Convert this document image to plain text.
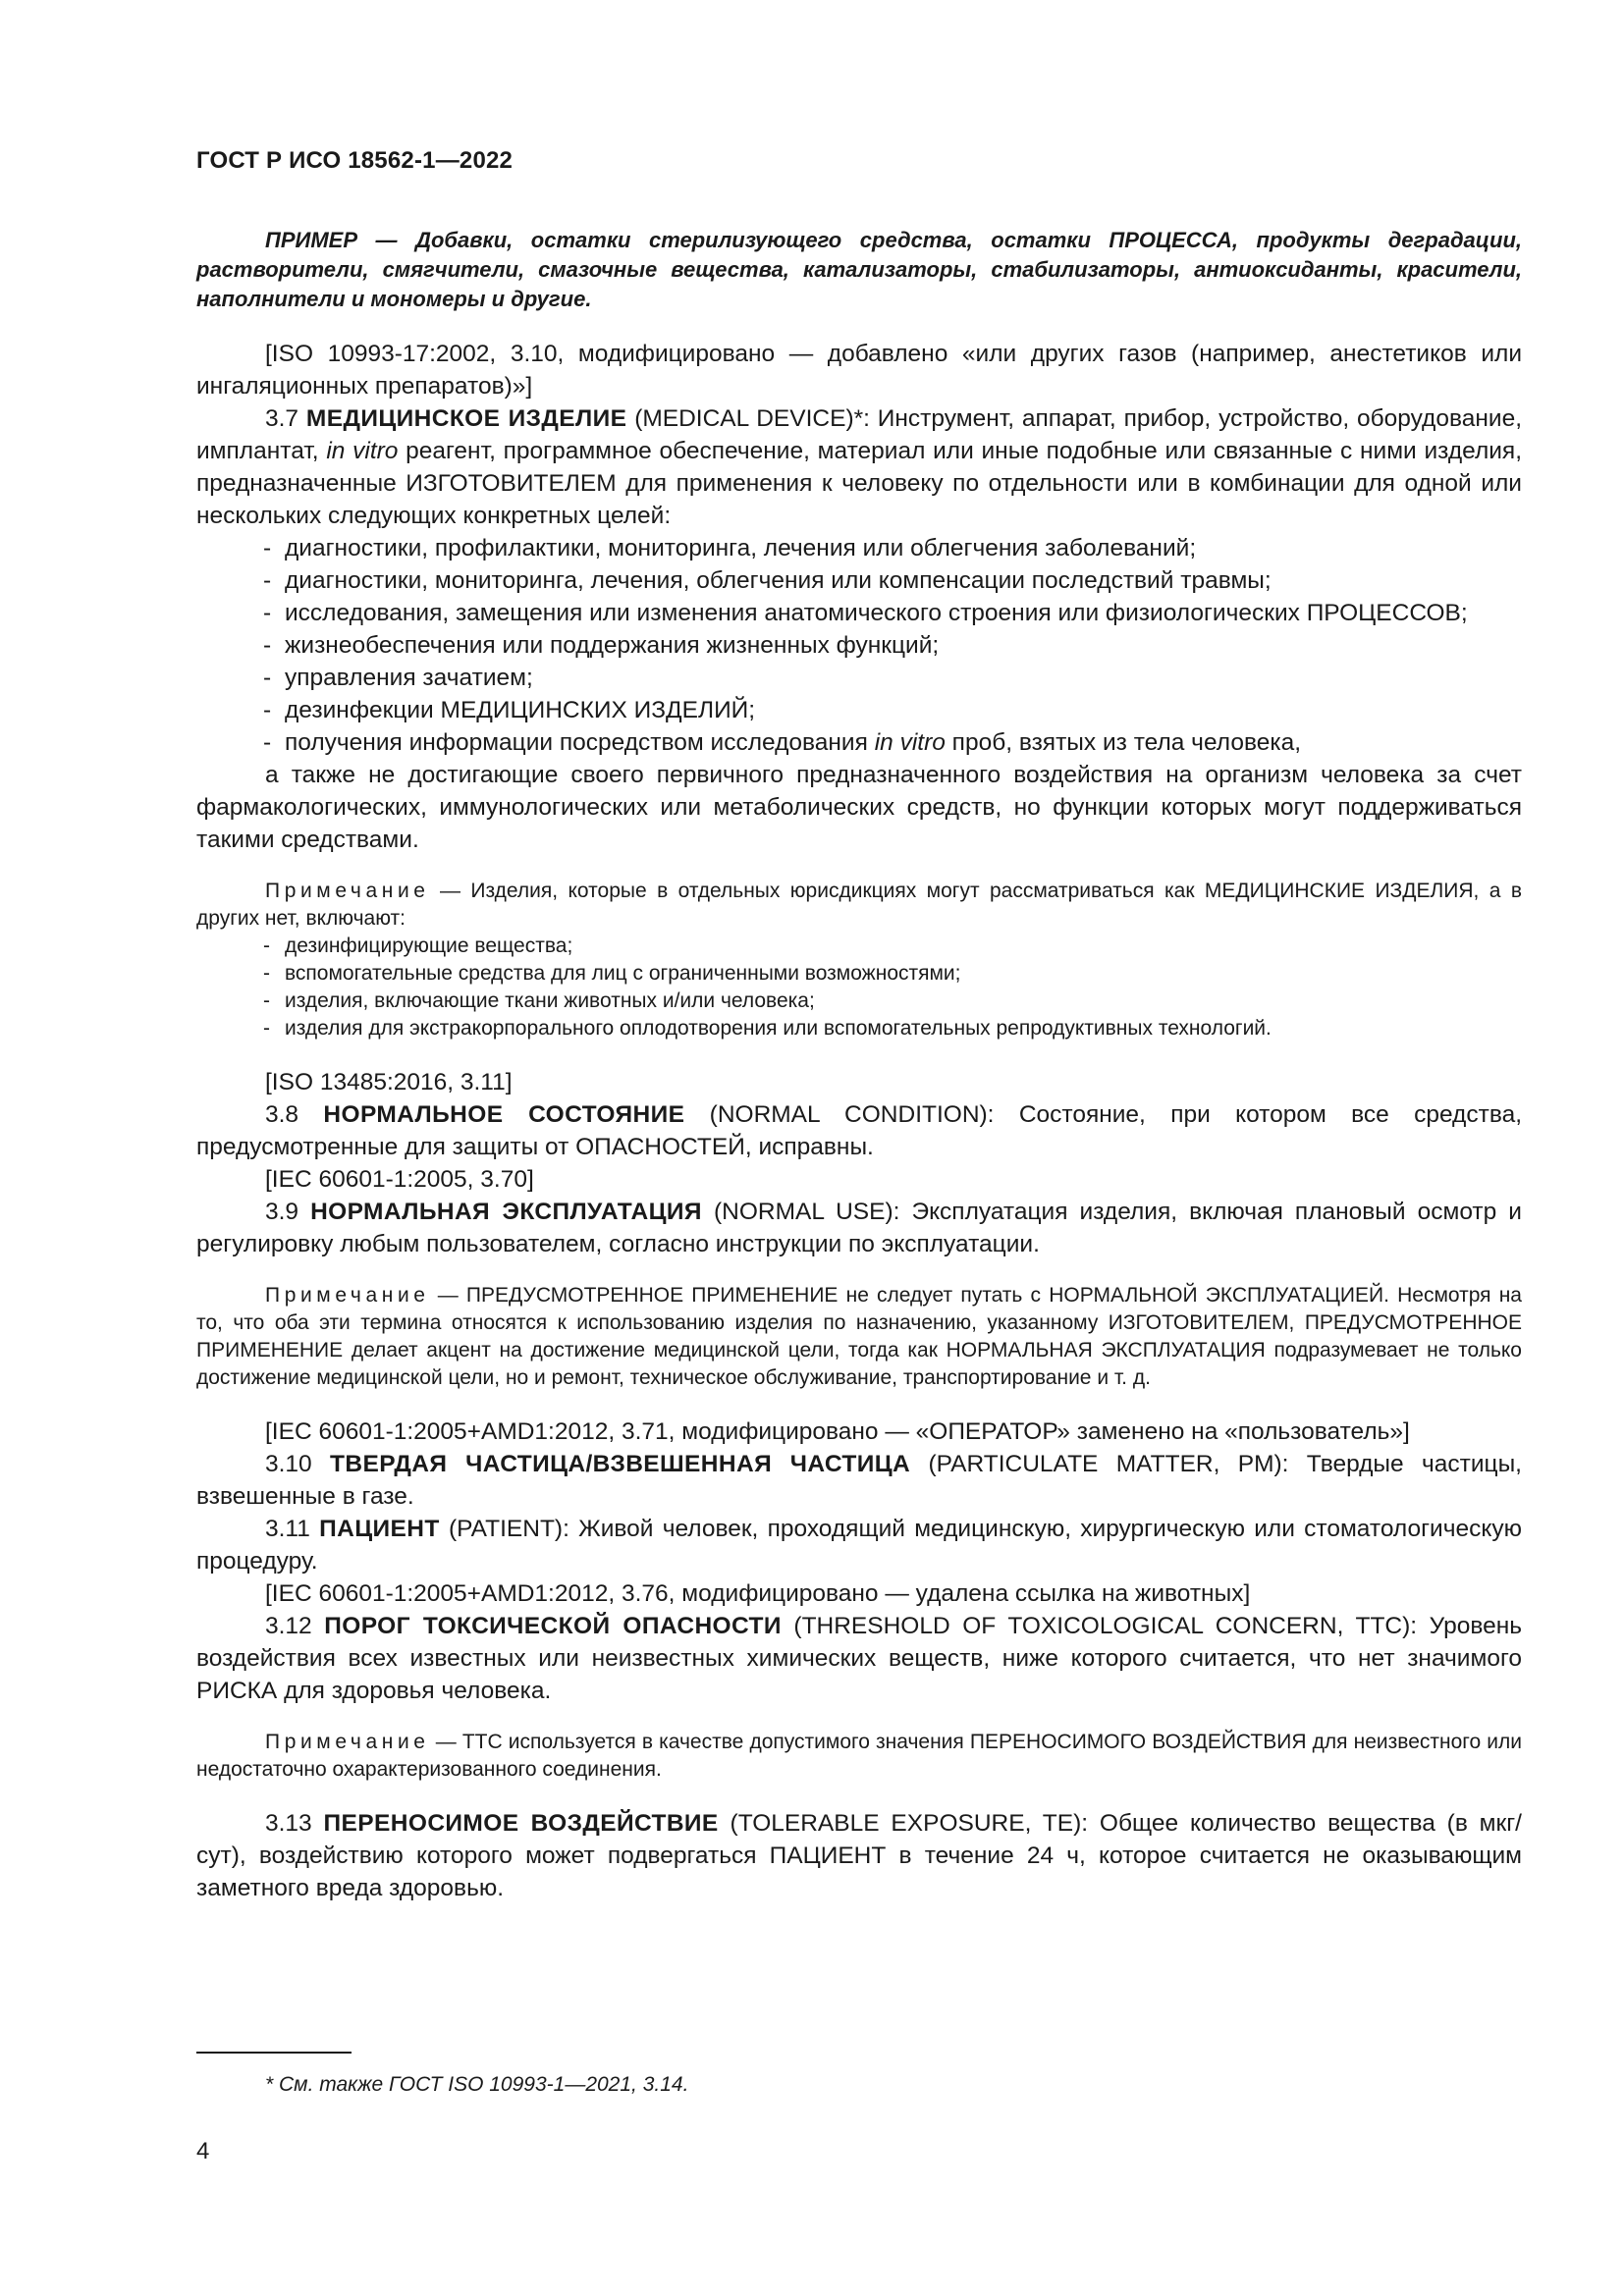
ГОСТ Р ИСО 18562-1—2022

ПРИМЕР — Добавки, остатки стерилизующего средства, остатки ПРОЦЕССА, продукты деградации, растворители, смягчители, смазочные вещества, катализаторы, стабилизаторы, антиоксиданты, красители, наполнители и мономеры и другие.

[ISO 10993-17:2002, 3.10, модифицировано — добавлено «или других газов (например, анестетиков или ингаляционных препаратов)»]

3.7 МЕДИЦИНСКОЕ ИЗДЕЛИЕ (MEDICAL DEVICE)*: Инструмент, аппарат, прибор, устройство, оборудование, имплантат, in vitro реагент, программное обеспечение, материал или иные подобные или связанные с ними изделия, предназначенные ИЗГОТОВИТЕЛЕМ для применения к человеку по отдельности или в комбинации для одной или нескольких следующих конкретных целей:

- диагностики, профилактики, мониторинга, лечения или облегчения заболеваний;
- диагностики, мониторинга, лечения, облегчения или компенсации последствий травмы;
- исследования, замещения или изменения анатомического строения или физиологических ПРОЦЕССОВ;
- жизнеобеспечения или поддержания жизненных функций;
- управления зачатием;
- дезинфекции МЕДИЦИНСКИХ ИЗДЕЛИЙ;
- получения информации посредством исследования in vitro проб, взятых из тела человека,

а также не достигающие своего первичного предназначенного воздействия на организм человека за счет фармакологических, иммунологических или метаболических средств, но функции которых могут поддерживаться такими средствами.

Примечание — Изделия, которые в отдельных юрисдикциях могут рассматриваться как МЕДИЦИНСКИЕ ИЗДЕЛИЯ, а в других нет, включают:
- дезинфицирующие вещества;
- вспомогательные средства для лиц с ограниченными возможностями;
- изделия, включающие ткани животных и/или человека;
- изделия для экстракорпорального оплодотворения или вспомогательных репродуктивных технологий.

[ISO 13485:2016, 3.11]

3.8 НОРМАЛЬНОЕ СОСТОЯНИЕ (NORMAL CONDITION): Состояние, при котором все средства, предусмотренные для защиты от ОПАСНОСТЕЙ, исправны.

[IEC 60601-1:2005, 3.70]

3.9 НОРМАЛЬНАЯ ЭКСПЛУАТАЦИЯ (NORMAL USE): Эксплуатация изделия, включая плановый осмотр и регулировку любым пользователем, согласно инструкции по эксплуатации.

Примечание — ПРЕДУСМОТРЕННОЕ ПРИМЕНЕНИЕ не следует путать с НОРМАЛЬНОЙ ЭКСПЛУАТАЦИЕЙ. Несмотря на то, что оба эти термина относятся к использованию изделия по назначению, указанному ИЗГОТОВИТЕЛЕМ, ПРЕДУСМОТРЕННОЕ ПРИМЕНЕНИЕ делает акцент на достижение медицинской цели, тогда как НОРМАЛЬНАЯ ЭКСПЛУАТАЦИЯ подразумевает не только достижение медицинской цели, но и ремонт, техническое обслуживание, транспортирование и т. д.

[IEC 60601-1:2005+AMD1:2012, 3.71, модифицировано — «ОПЕРАТОР» заменено на «пользователь»]

3.10 ТВЕРДАЯ ЧАСТИЦА/ВЗВЕШЕННАЯ ЧАСТИЦА (PARTICULATE MATTER, PM): Твердые частицы, взвешенные в газе.

3.11 ПАЦИЕНТ (PATIENT): Живой человек, проходящий медицинскую, хирургическую или стоматологическую процедуру.

[IEC 60601-1:2005+AMD1:2012, 3.76, модифицировано — удалена ссылка на животных]

3.12 ПОРОГ ТОКСИЧЕСКОЙ ОПАСНОСТИ (THRESHOLD OF TOXICOLOGICAL CONCERN, TTC): Уровень воздействия всех известных или неизвестных химических веществ, ниже которого считается, что нет значимого РИСКА для здоровья человека.

Примечание — TTC используется в качестве допустимого значения ПЕРЕНОСИМОГО ВОЗДЕЙСТВИЯ для неизвестного или недостаточно охарактеризованного соединения.

3.13 ПЕРЕНОСИМОЕ ВОЗДЕЙСТВИЕ (TOLERABLE EXPOSURE, TE): Общее количество вещества (в мкг/сут), воздействию которого может подвергаться ПАЦИЕНТ в течение 24 ч, которое считается не оказывающим заметного вреда здоровью.

* См. также ГОСТ ISO 10993-1—2021, 3.14.
4
